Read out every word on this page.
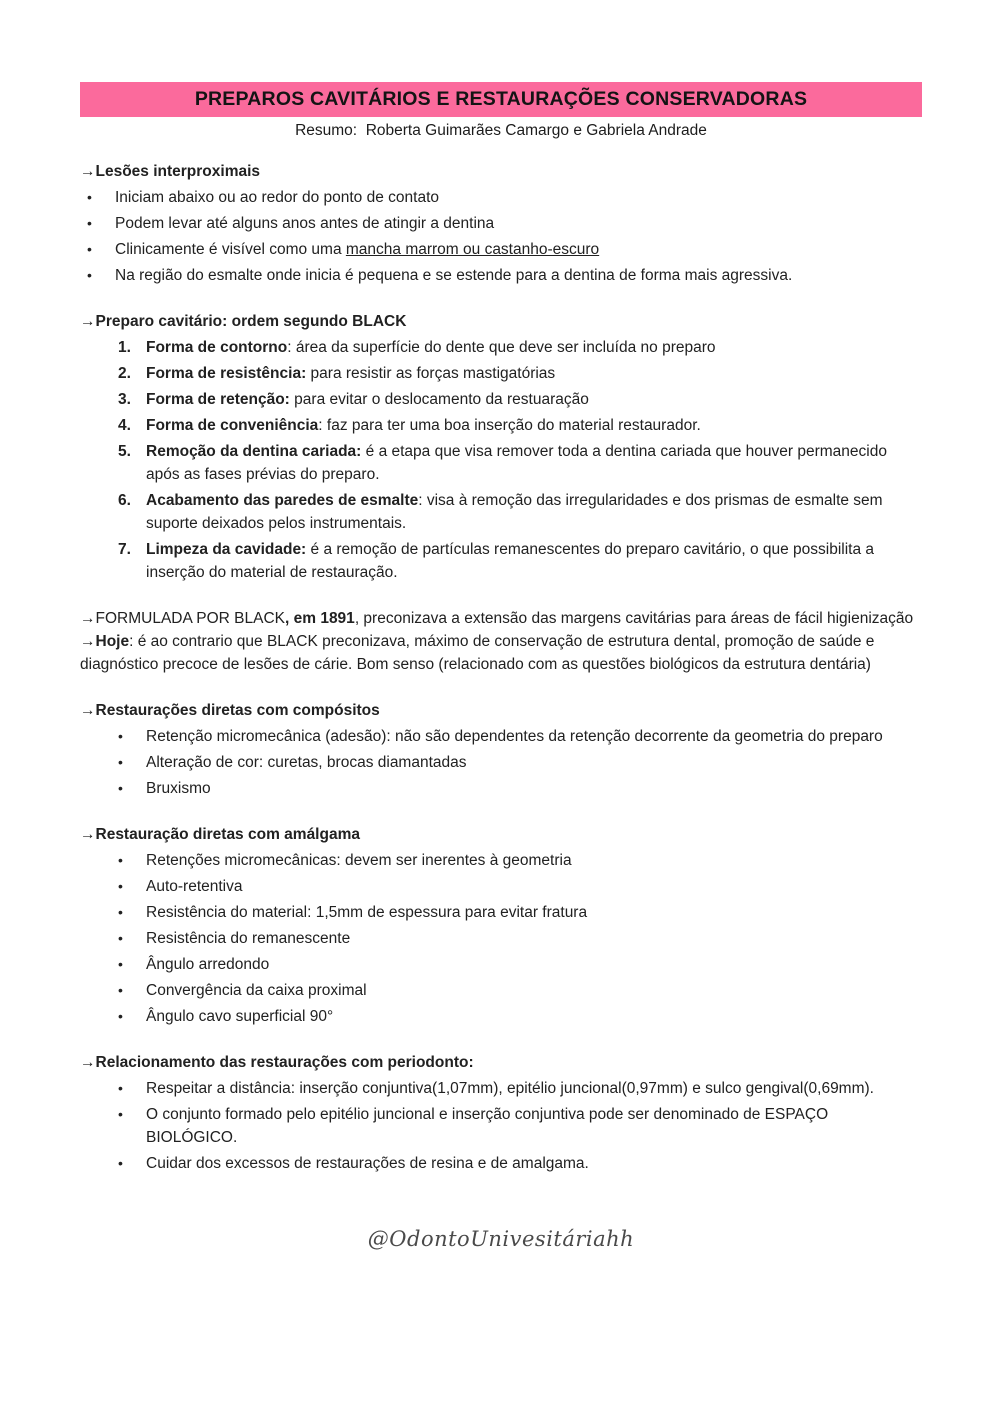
PREPAROS CAVITÁRIOS E RESTAURAÇÕES CONSERVADORAS
Resumo:  Roberta Guimarães Camargo e Gabriela Andrade
→Lesões interproximais
•	Iniciam abaixo ou ao redor do ponto de contato
•	Podem levar até alguns anos antes de atingir a dentina
•	Clinicamente é visível como uma mancha marrom ou castanho-escuro
•	Na região do esmalte onde inicia é pequena e se estende para a dentina de forma mais agressiva.
→Preparo cavitário: ordem segundo BLACK
1. Forma de contorno: área da superfície do dente que deve ser incluída no preparo
2. Forma de resistência: para resistir as forças mastigatórias
3. Forma de retenção: para evitar o deslocamento da restuaração
4. Forma de conveniência: faz para ter uma boa inserção do material restaurador.
5. Remoção da dentina cariada: é a etapa que visa remover toda a dentina cariada que houver permanecido após as fases prévias do preparo.
6. Acabamento das paredes de esmalte: visa à remoção das irregularidades e dos prismas de esmalte sem suporte deixados pelos instrumentais.
7. Limpeza da cavidade: é a remoção de partículas remanescentes do preparo cavitário, o que possibilita a inserção do material de restauração.

→FORMULADA POR BLACK, em 1891, preconizava a extensão das margens cavitárias para áreas de fácil higienização

→Hoje: é ao contrario que BLACK preconizava, máximo de conservação de estrutura dental, promoção de saúde e diagnóstico precoce de lesões de cárie. Bom senso (relacionado com as questões biológicos da estrutura dentária)

→Restaurações diretas com compósitos
•	Retenção micromecânica (adesão): não são dependentes da retenção decorrente da geometria do preparo
•	Alteração de cor: curetas, brocas diamantadas
•	Bruxismo
→Restauração diretas com amálgama
•	Retenções micromecânicas: devem ser inerentes à geometria
•	Auto-retentiva
•	Resistência do material: 1,5mm de espessura para evitar fratura
•	Resistência do remanescente
•	Ângulo arredondo
•	Convergência da caixa proximal
•	Ângulo cavo superficial 90°
→Relacionamento das restaurações com periodonto:
•	Respeitar a distância: inserção conjuntiva(1,07mm), epitélio juncional(0,97mm) e sulco gengival(0,69mm).
•	O conjunto formado pelo epitélio juncional e inserção conjuntiva pode ser denominado de ESPAÇO BIOLÓGICO.
•	Cuidar dos excessos de restaurações de resina e de amalgama.
@OdontoUnivesitáriahh
